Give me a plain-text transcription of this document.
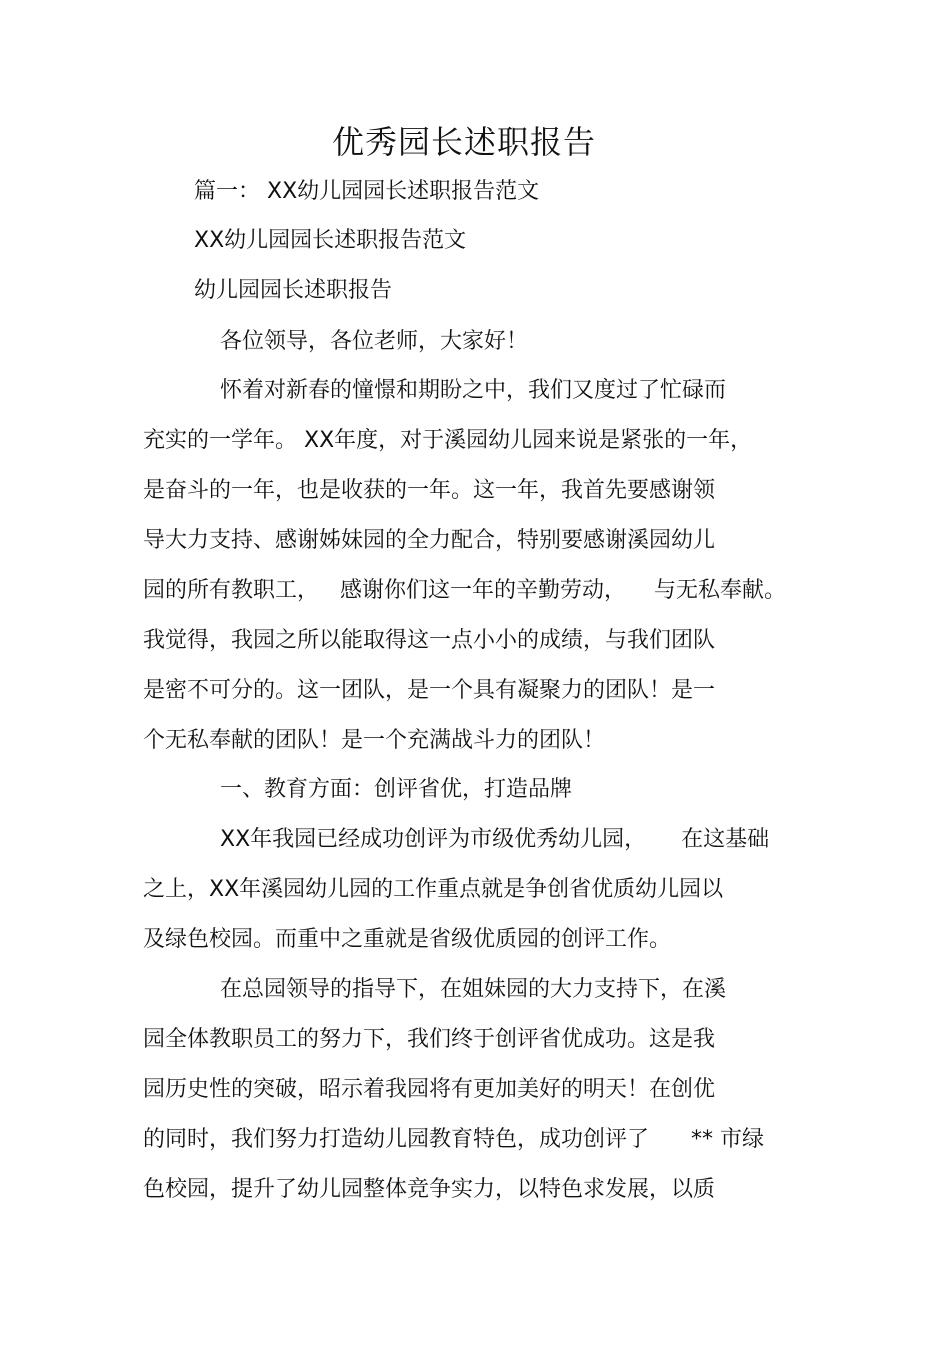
优秀园长述职报告
篇一： XX幼儿园园长述职报告范文
XX幼儿园园长述职报告范文
幼儿园园长述职报告
各位领导，各位老师，大家好！
怀着对新春的憧憬和期盼之中，我们又度过了忙碌而
充实的一学年。 XX年度，对于溪园幼儿园来说是紧张的一年，
是奋斗的一年，也是收获的一年。这一年，我首先要感谢领
导大力支持、感谢姊妹园的全力配合，特别要感谢溪园幼儿
园的所有教职工，   感谢你们这一年的辛勤劳动，    与无私奉献。
我觉得，我园之所以能取得这一点小小的成绩，与我们团队
是密不可分的。这一团队，是一个具有凝聚力的团队！是一
个无私奉献的团队！是一个充满战斗力的团队！
一、教育方面：创评省优，打造品牌
XX年我园已经成功创评为市级优秀幼儿园，     在这基础
之上，XX年溪园幼儿园的工作重点就是争创省优质幼儿园以
及绿色校园。而重中之重就是省级优质园的创评工作。
在总园领导的指导下，在姐妹园的大力支持下，在溪
园全体教职员工的努力下，我们终于创评省优成功。这是我
园历史性的突破，昭示着我园将有更加美好的明天！在创优
的同时，我们努力打造幼儿园教育特色，成功创评了      ** 市绿
色校园，提升了幼儿园整体竞争实力，以特色求发展，以质
